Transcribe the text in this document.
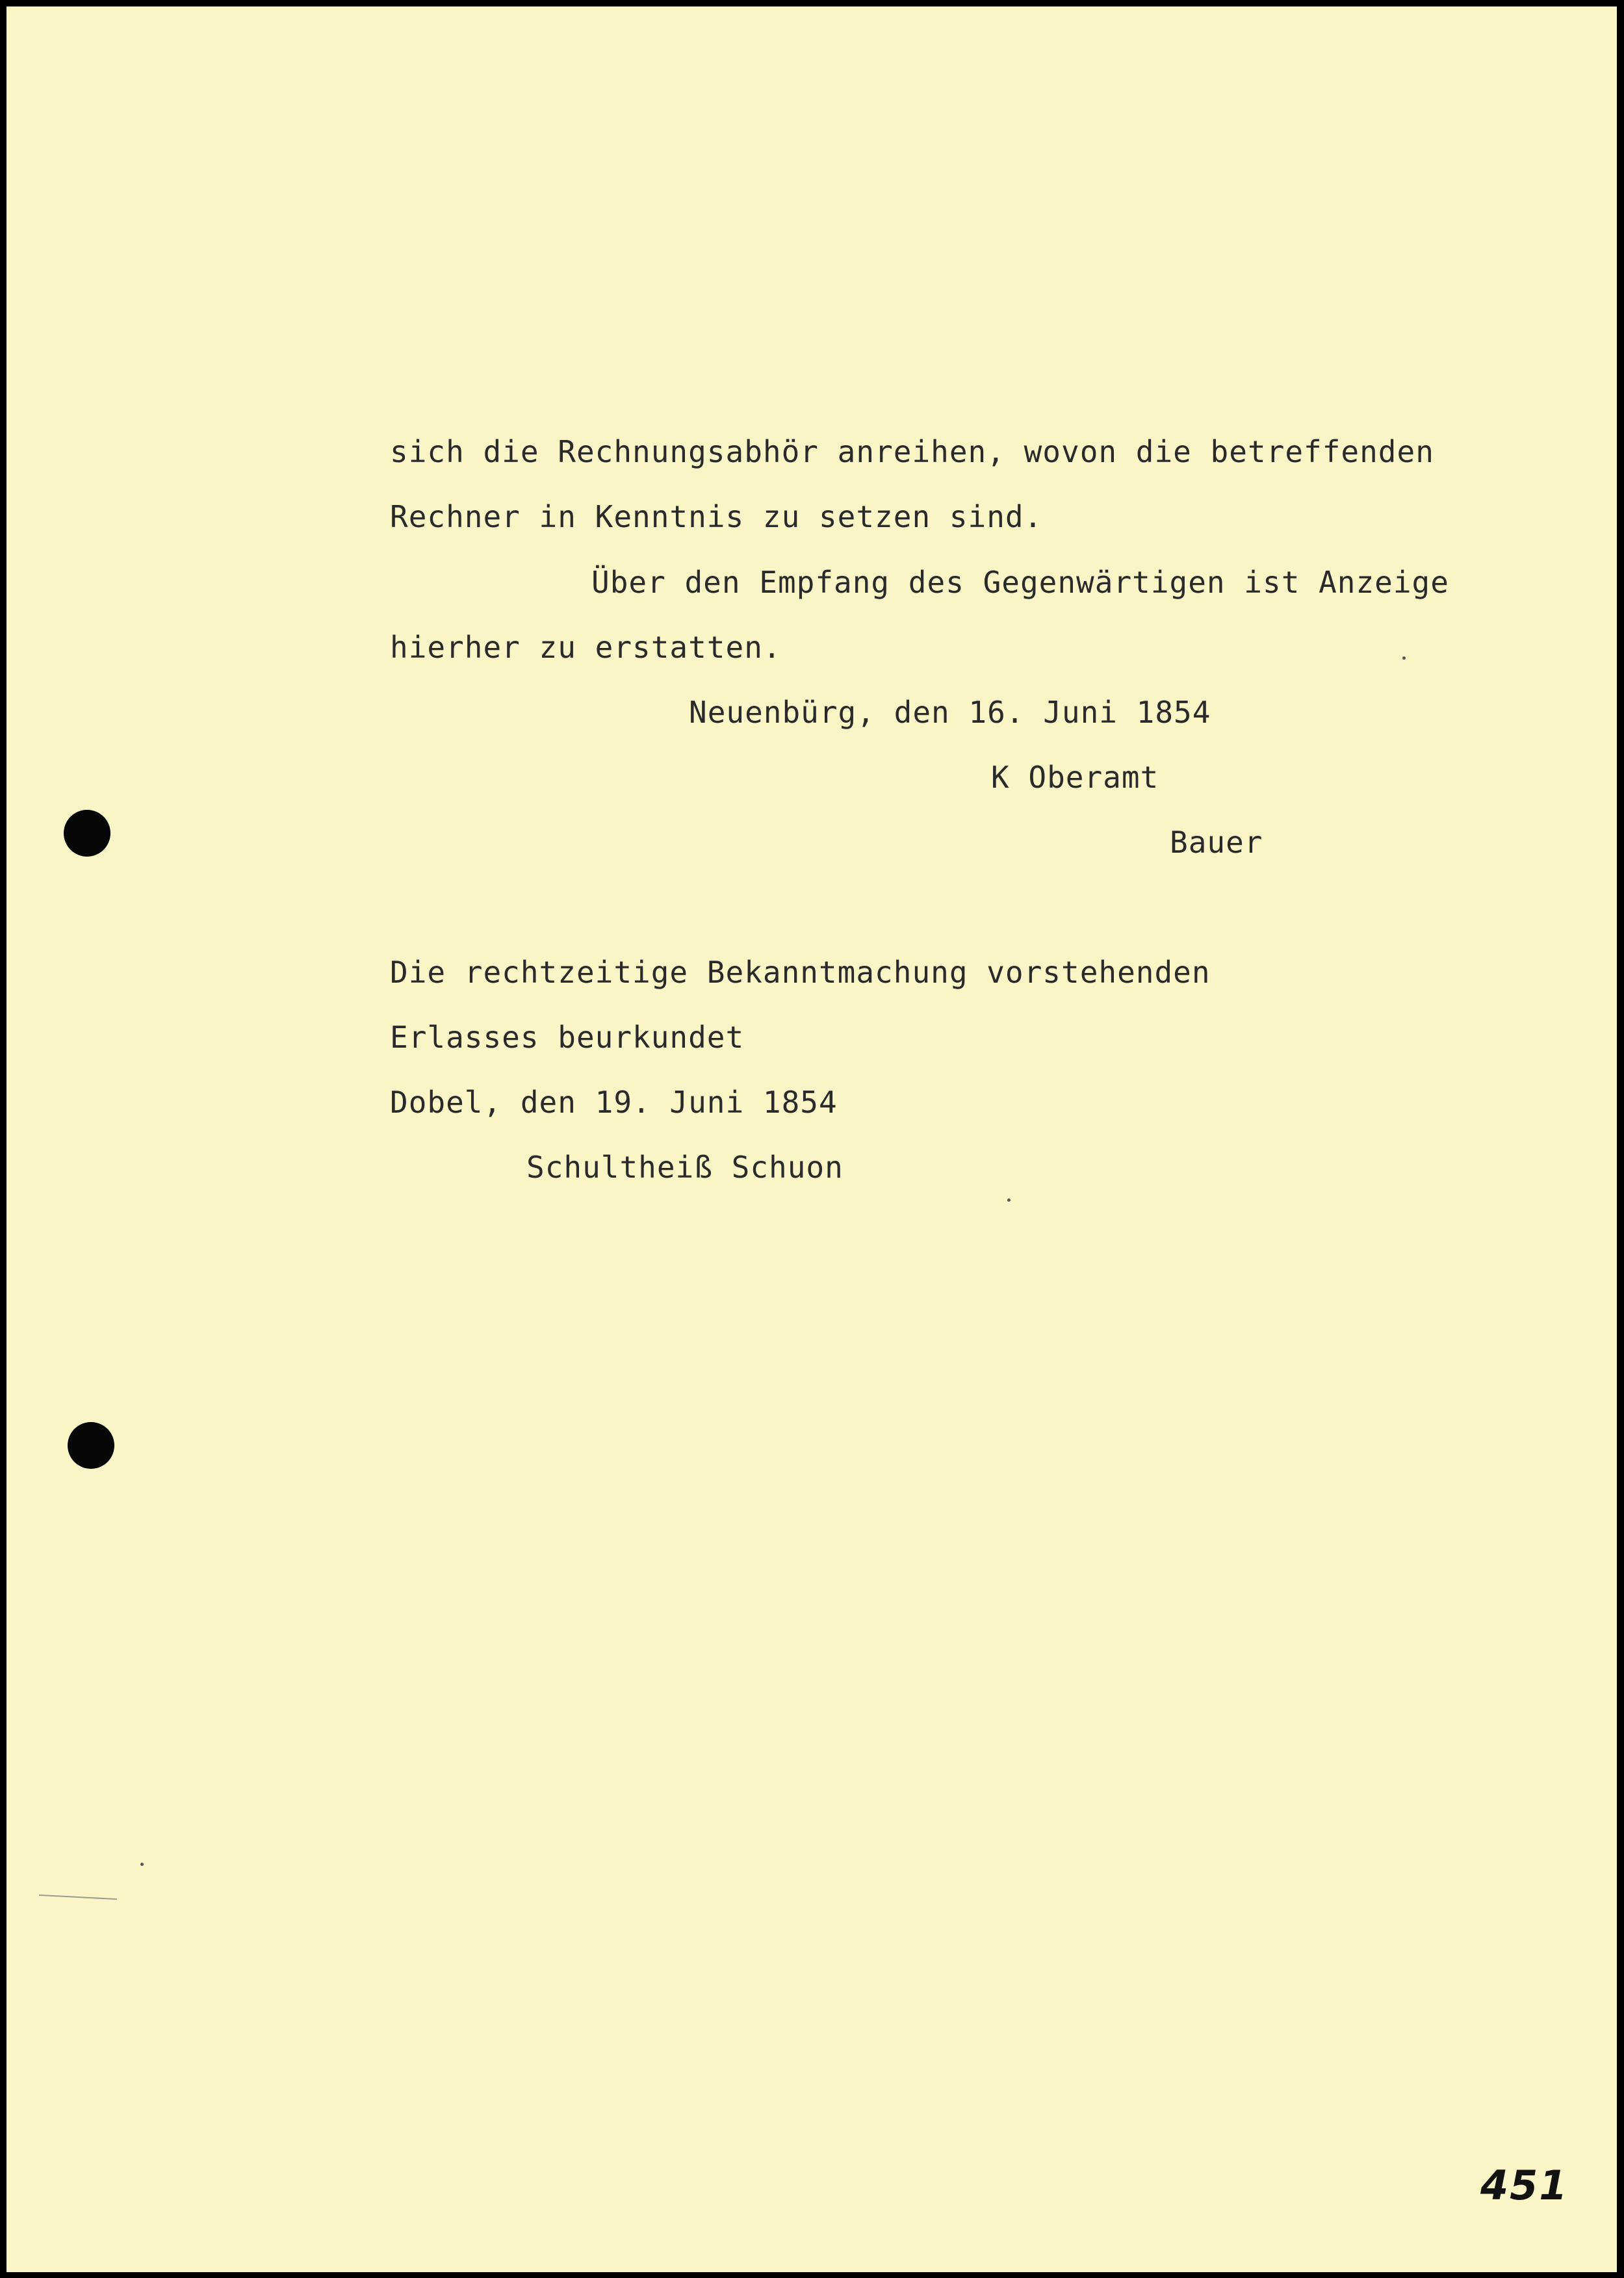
sich die Rechnungsabhör anreihen, wovon die betreffenden
Rechner in Kenntnis zu setzen sind.
Über den Empfang des Gegenwärtigen ist Anzeige
hierher zu erstatten.
Neuenbürg, den 16. Juni 1854
K Oberamt
Bauer
Die rechtzeitige Bekanntmachung vorstehenden
Erlasses beurkundet
Dobel, den 19. Juni 1854
Schultheiß Schuon
451
